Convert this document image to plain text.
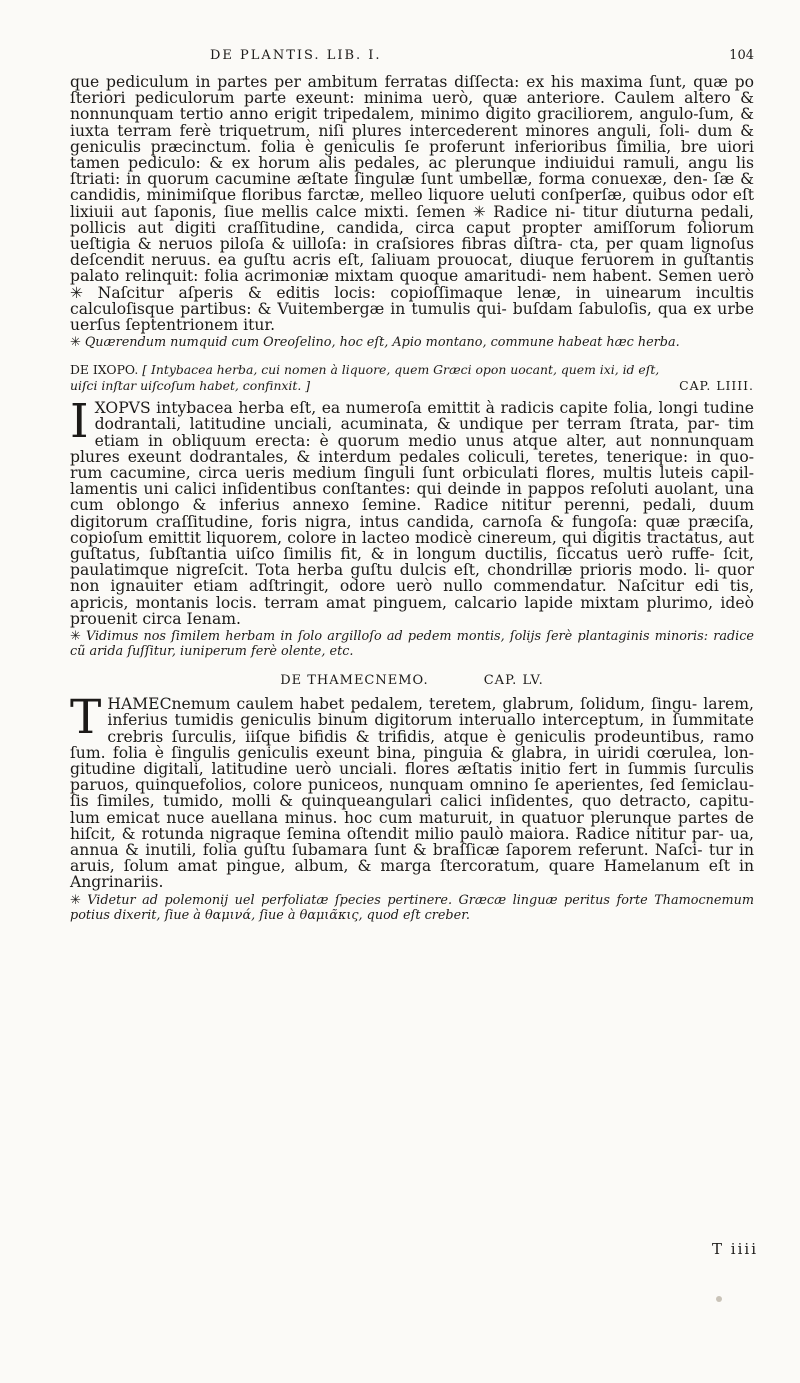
DE PLANTIS. LIB. I.	104

que pediculum in partes per ambitum ferratas diſſecta: ex his maxima ſunt, quæ po ſteriori pediculorum parte exeunt: minima uerò, quæ anteriore. Caulem altero & nonnunquam tertio anno erigit tripedalem, minimo digito graciliorem, angulo-ſum, & iuxta terram ferè triquetrum, niſi plures intercederent minores anguli, ſoli- dum & geniculis præcinctum. folia è geniculis ſe proferunt inferioribus ſimilia, bre uiori tamen pediculo: & ex horum alis pedales, ac plerunque indiuidui ramuli, angu lis ſtriati: in quorum cacumine æſtate ſingulæ ſunt umbellæ, forma conuexæ, den- ſæ & candidis, minimiſque floribus farctæ, melleo liquore ueluti conſperſæ, quibus odor eſt lixiuii aut ſaponis, ſiue mellis calce mixti. ſemen ✳ Radice ni- titur diuturna pedali, pollicis aut digiti craſſitudine, candida, circa caput propter amiſſorum foliorum ueſtigia & neruos piloſa & uilloſa: in craſsiores fibras diſtra- cta, per quam lignoſus deſcendit neruus. ea guſtu acris eſt, ſaliuam prouocat, diuque feruorem in guſtantis palato relinquit: folia acrimoniæ mixtam quoque amaritudi- nem habent. Semen uerò ✳ Naſcitur aſperis & editis locis: copioſſimaque lenæ, in uinearum incultis calculoſisque partibus: & Vuitembergæ in tumulis qui- buſdam ſabuloſis, qua ex urbe uerſus ſeptentrionem itur.

✳ Quærendum numquid cum Oreoſelino, hoc eſt, Apio montano, commune habeat hæc herba.

DE IXOPO. [ Intybacea herba, cui nomen à liquore, quem Græci opon uocant, quem ixi, id eſt, uiſci inſtar uiſcoſum habet, confinxit. ]	CAP. LIIII.
I XOPVS intybacea herba eſt, ea numeroſa emittit à radicis capite folia, longi tudine dodrantali, latitudine unciali, acuminata, & undique per terram ſtrata, par- tim etiam in obliquum erecta: è quorum medio unus atque alter, aut nonnunquam plures exeunt dodrantales, & interdum pedales coliculi, teretes, tenerique: in quo- rum cacumine, circa ueris medium ſinguli ſunt orbiculati flores, multis luteis capil- lamentis uni calici inſidentibus conſtantes: qui deinde in pappos reſoluti auolant, una cum oblongo & inferius annexo ſemine. Radice nititur perenni, pedali, duum digitorum craſſitudine, foris nigra, intus candida, carnoſa & fungoſa: quæ præciſa, copioſum emittit liquorem, colore in lacteo modicè cinereum, qui digitis tractatus, aut guſtatus, ſubſtantia uiſco ſimilis fit, & in longum ductilis, ſiccatus uerò ruffe- ſcit, paulatimque nigreſcit. Tota herba guſtu dulcis eſt, chondrillæ prioris modo. li- quor non ignauiter etiam adſtringit, odore uerò nullo commendatur. Naſcitur edi tis, apricis, montanis locis. terram amat pinguem, calcario lapide mixtam plurimo, ideò prouenit circa Ienam.

✳ Vidimus nos ſimilem herbam in ſolo argilloſo ad pedem montis, ſolijs ſerè plantaginis minoris: radice cũ arida ſuſſitur, iuniperum ferè olente, etc.

DE THAMECNEMO.	CAP. LV.
T HAMECnemum caulem habet pedalem, teretem, glabrum, ſolidum, ſingu- larem, inferius tumidis geniculis binum digitorum interuallo interceptum, in ſummitate crebris ſurculis, iiſque bifidis & trifidis, atque è geniculis prodeuntibus, ramo ſum. folia è ſingulis geniculis exeunt bina, pinguia & glabra, in uiridi cœrulea, lon- gitudine digitali, latitudine uerò unciali. flores æſtatis initio fert in ſummis ſurculis paruos, quinquefolios, colore puniceos, nunquam omnino ſe aperientes, ſed ſemiclau- ſis ſimiles, tumido, molli & quinqueangulari calici inſidentes, quo detracto, capitu- lum emicat nuce auellana minus. hoc cum maturuit, in quatuor plerunque partes de hiſcit, & rotunda nigraque ſemina oſtendit milio paulò maiora. Radice nititur par- ua, annua & inutili, folia guſtu ſubamara ſunt & braſſicæ ſaporem referunt. Naſci- tur in aruis, ſolum amat pingue, album, & marga ſtercoratum, quare Hamelanum eſt in Angrinariis.

✳ Videtur ad polemonij uel perfoliatæ ſpecies pertinere. Græcæ linguæ peritus forte Thamocnemum potius dixerit, ſiue à θαμινά, ſiue à θαμιᾶκις, quod eſt creber.

T iiii
